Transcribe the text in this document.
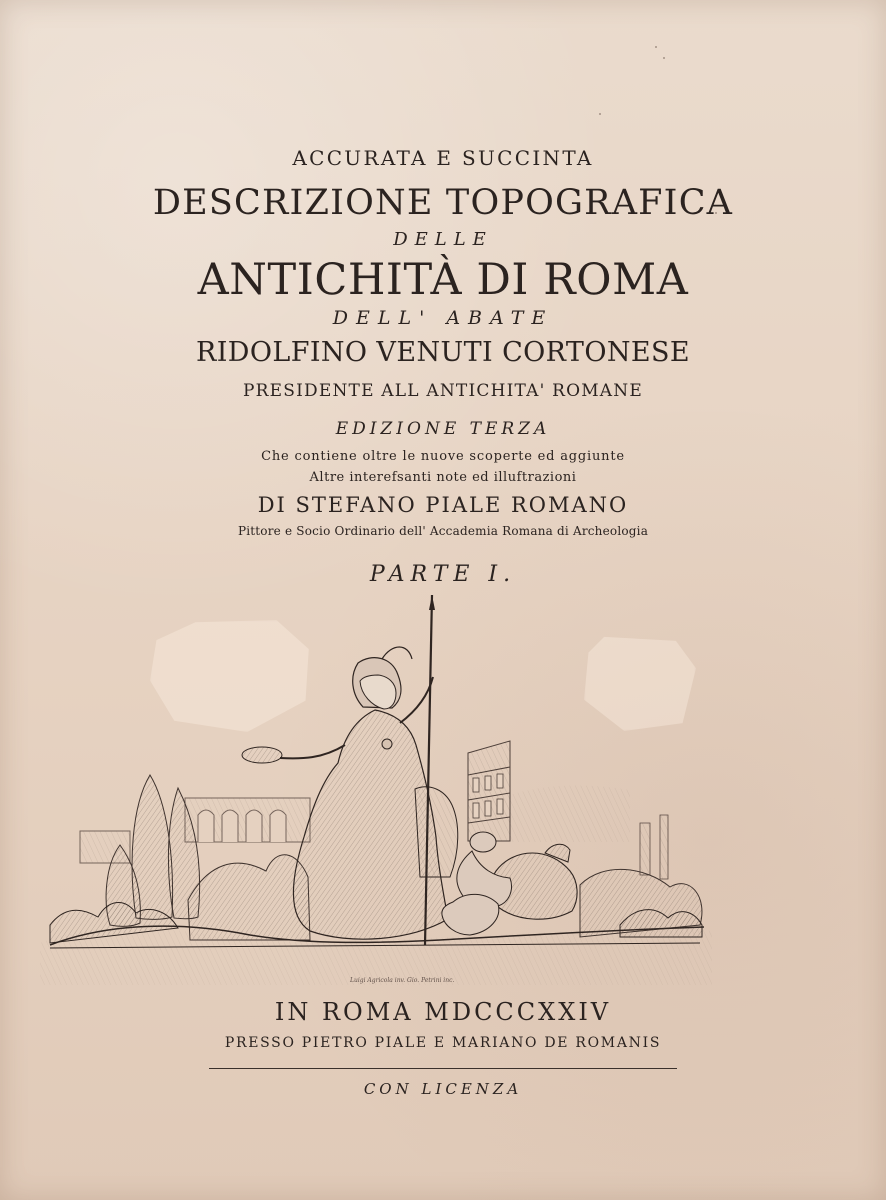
ACCURATA E SUCCINTA
DESCRIZIONE TOPOGRAFICA
DELLE
ANTICHITÀ DI ROMA
DELL' ABATE
RIDOLFINO VENUTI CORTONESE
PRESIDENTE ALL ANTICHITA' ROMANE
EDIZIONE TERZA
Che contiene oltre le nuove scoperte ed aggiunte
Altre interefsanti note ed illuftrazioni
DI STEFANO PIALE ROMANO
Pittore e Socio Ordinario dell' Accademia Romana di Archeologia
PARTE I.
Luigi Agricola inv. Gio. Petrini inc.
IN ROMA MDCCCXXIV
PRESSO PIETRO PIALE E MARIANO DE ROMANIS
CON LICENZA
